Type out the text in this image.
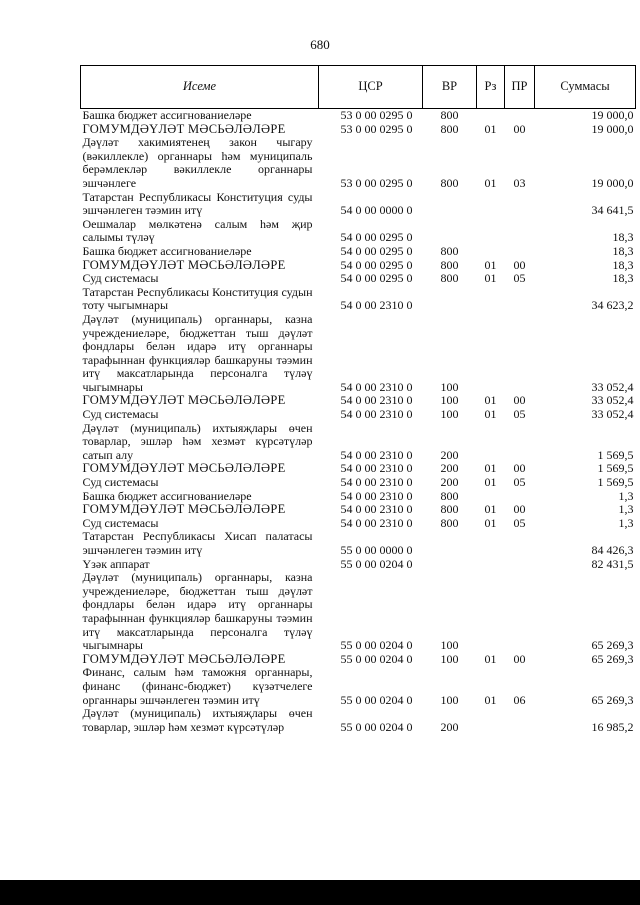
680
Исеме	ЦСР	ВР	Рз	ПР	Суммасы
Башка бюджет ассигнованиеләре	53 0 00 0295 0	800			19 000,0
ГОМУМДӘҮЛӘТ МӘСЬӘЛӘЛӘРЕ	53 0 00 0295 0	800	01	00	19 000,0
Дәүләт хакимиятенең закон чыгару (вәкиллекле) органнары һәм муниципаль берәмлекләр вәкиллекле органнары эшчәнлеге	53 0 00 0295 0	800	01	03	19 000,0
Татарстан Республикасы Конституция суды эшчәнлеген тәэмин итү	54 0 00 0000 0				34 641,5
Оешмалар мөлкәтенә салым һәм җир салымы түләү	54 0 00 0295 0				18,3
Башка бюджет ассигнованиеләре	54 0 00 0295 0	800			18,3
ГОМУМДӘҮЛӘТ МӘСЬӘЛӘЛӘРЕ	54 0 00 0295 0	800	01	00	18,3
Суд системасы	54 0 00 0295 0	800	01	05	18,3
Татарстан Республикасы Конституция судын тоту чыгымнары	54 0 00 2310 0				34 623,2
Дәүләт (муниципаль) органнары, казна учреждениеләре, бюджеттан тыш дәүләт фондлары белән идарә итү органнары тарафыннан функцияләр башкаруны тәэмин итү максатларында персоналга түләү чыгымнары	54 0 00 2310 0	100			33 052,4
ГОМУМДӘҮЛӘТ МӘСЬӘЛӘЛӘРЕ	54 0 00 2310 0	100	01	00	33 052,4
Суд системасы	54 0 00 2310 0	100	01	05	33 052,4
Дәүләт (муниципаль) ихтыяҗлары өчен товарлар, эшләр һәм хезмәт күрсәтүләр сатып алу	54 0 00 2310 0	200			1 569,5
ГОМУМДӘҮЛӘТ МӘСЬӘЛӘЛӘРЕ	54 0 00 2310 0	200	01	00	1 569,5
Суд системасы	54 0 00 2310 0	200	01	05	1 569,5
Башка бюджет ассигнованиеләре	54 0 00 2310 0	800			1,3
ГОМУМДӘҮЛӘТ МӘСЬӘЛӘЛӘРЕ	54 0 00 2310 0	800	01	00	1,3
Суд системасы	54 0 00 2310 0	800	01	05	1,3
Татарстан Республикасы Хисап палатасы эшчәнлеген тәэмин итү	55 0 00 0000 0				84 426,3
Үзәк аппарат	55 0 00 0204 0				82 431,5
Дәүләт (муниципаль) органнары, казна учреждениеләре, бюджеттан тыш дәүләт фондлары белән идарә итү органнары тарафыннан функцияләр башкаруны тәэмин итү максатларында персоналга түләү чыгымнары	55 0 00 0204 0	100			65 269,3
ГОМУМДӘҮЛӘТ МӘСЬӘЛӘЛӘРЕ	55 0 00 0204 0	100	01	00	65 269,3
Финанс, салым һәм таможня органнары, финанс (финанс-бюджет) күзәтчелеге органнары эшчәнлеген тәэмин итү	55 0 00 0204 0	100	01	06	65 269,3
Дәүләт (муниципаль) ихтыяҗлары өчен товарлар, эшләр һәм хезмәт күрсәтүләр	55 0 00 0204 0	200			16 985,2
